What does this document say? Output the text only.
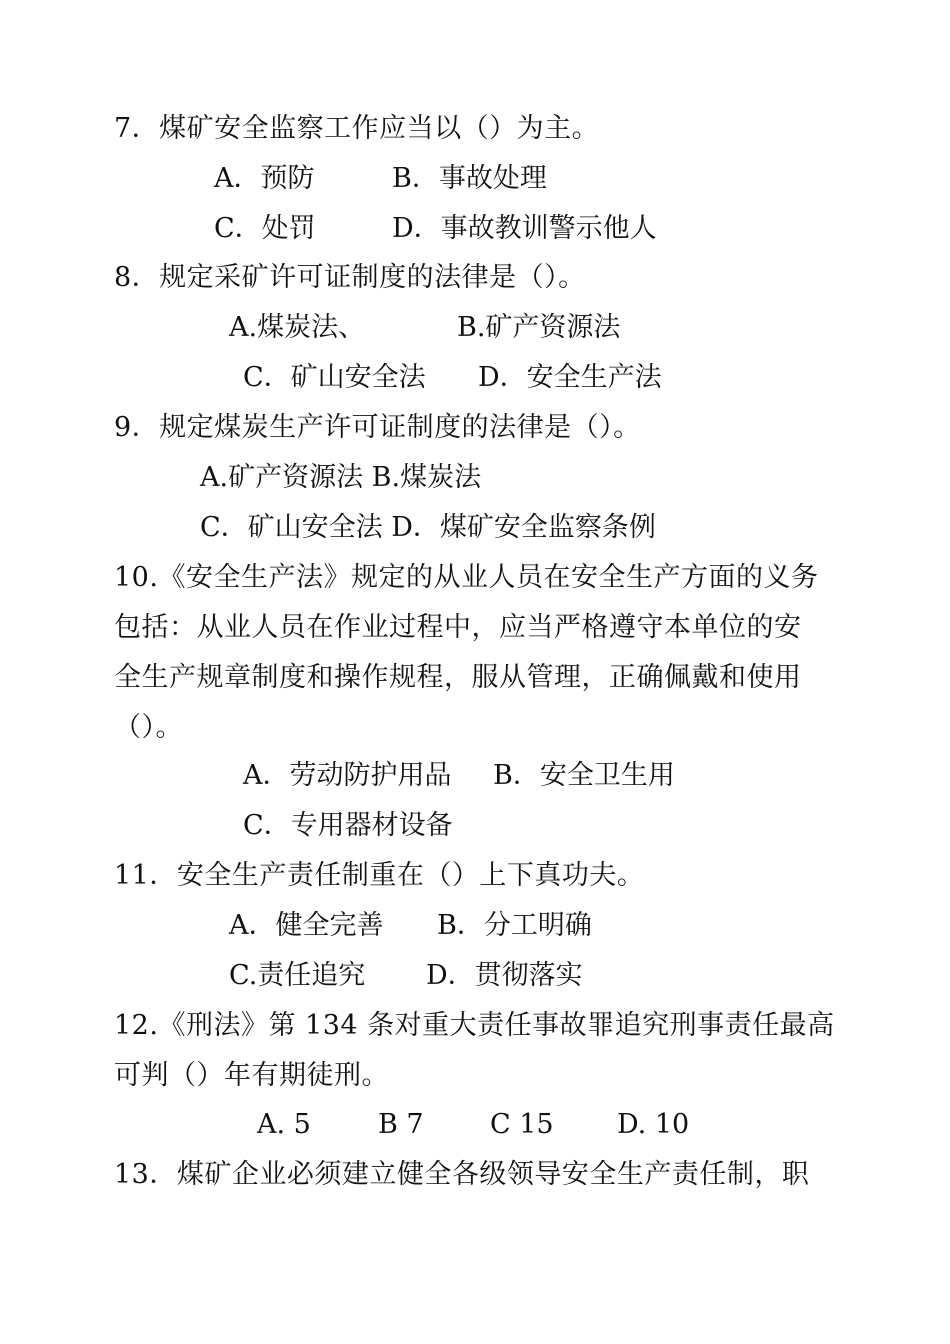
7．煤矿安全监察工作应当以（）为主。
A．预防	B．事故处理
C．处罚	D．事故教训警示他人
8．规定采矿许可证制度的法律是（）。
A.煤炭法、	B.矿产资源法
C．矿山安全法 D．安全生产法
9．规定煤炭生产许可证制度的法律是（）。
A.矿产资源法 B.煤炭法
C．矿山安全法 D．煤矿安全监察条例

10.《安全生产法》规定的从业人员在安全生产方面的义务

包括：从业人员在作业过程中，应当严格遵守本单位的安

全生产规章制度和操作规程，服从管理，正确佩戴和使用

（）。

A．劳动防护用品 B．安全卫生用
C．专用器材设备
11．安全生产责任制重在（）上下真功夫。
A．健全完善 B．分工明确
C.责任追究 D．贯彻落实

12.《刑法》第 134 条对重大责任事故罪追究刑事责任最高

可判（）年有期徒刑。

A. 5 B 7 C 15 D. 10
13．煤矿企业必须建立健全各级领导安全生产责任制，职
